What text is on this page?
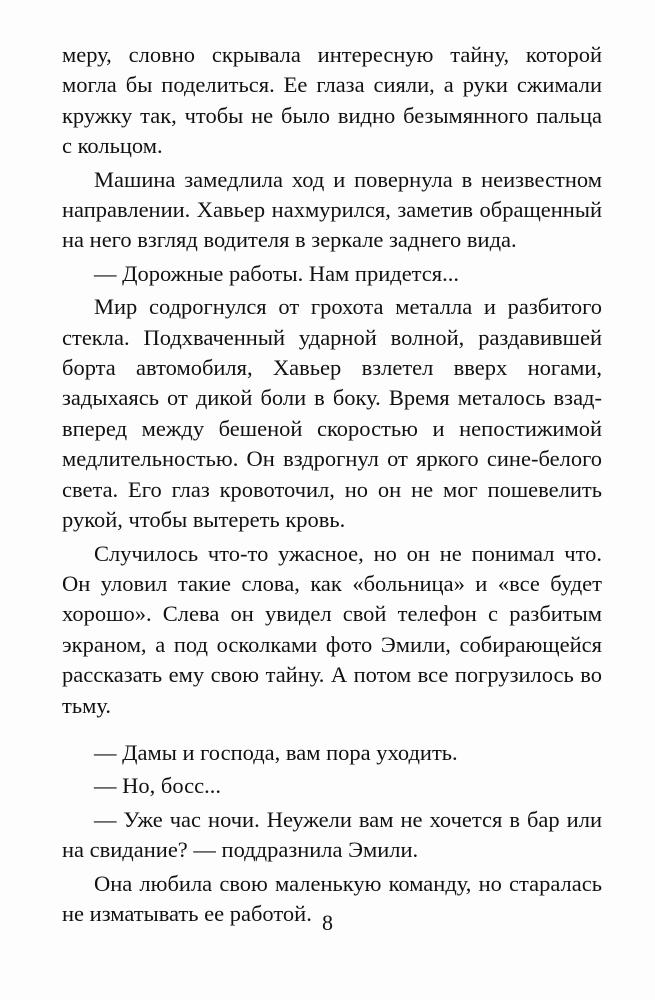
меру, словно скрывала интересную тайну, которой могла бы поделиться. Ее глаза сияли, а руки сжимали кружку так, чтобы не было видно безымянного пальца с кольцом.

Машина замедлила ход и повернула в неизвестном направлении. Хавьер нахмурился, заметив обращенный на него взгляд водителя в зеркале заднего вида.

— Дорожные работы. Нам придется...

Мир содрогнулся от грохота металла и разбитого стекла. Подхваченный ударной волной, раздавившей борта автомобиля, Хавьер взлетел вверх ногами, задыхаясь от дикой боли в боку. Время металось взад-вперед между бешеной скоростью и непостижимой медлительностью. Он вздрогнул от яркого сине-белого света. Его глаз кровоточил, но он не мог пошевелить рукой, чтобы вытереть кровь.

Случилось что-то ужасное, но он не понимал что. Он уловил такие слова, как «больница» и «все будет хорошо». Слева он увидел свой телефон с разбитым экраном, а под осколками фото Эмили, собирающейся рассказать ему свою тайну. А потом все погрузилось во тьму.

— Дамы и господа, вам пора уходить.

— Но, босс...

— Уже час ночи. Неужели вам не хочется в бар или на свидание? — поддразнила Эмили.

Она любила свою маленькую команду, но старалась не изматывать ее работой. 8
